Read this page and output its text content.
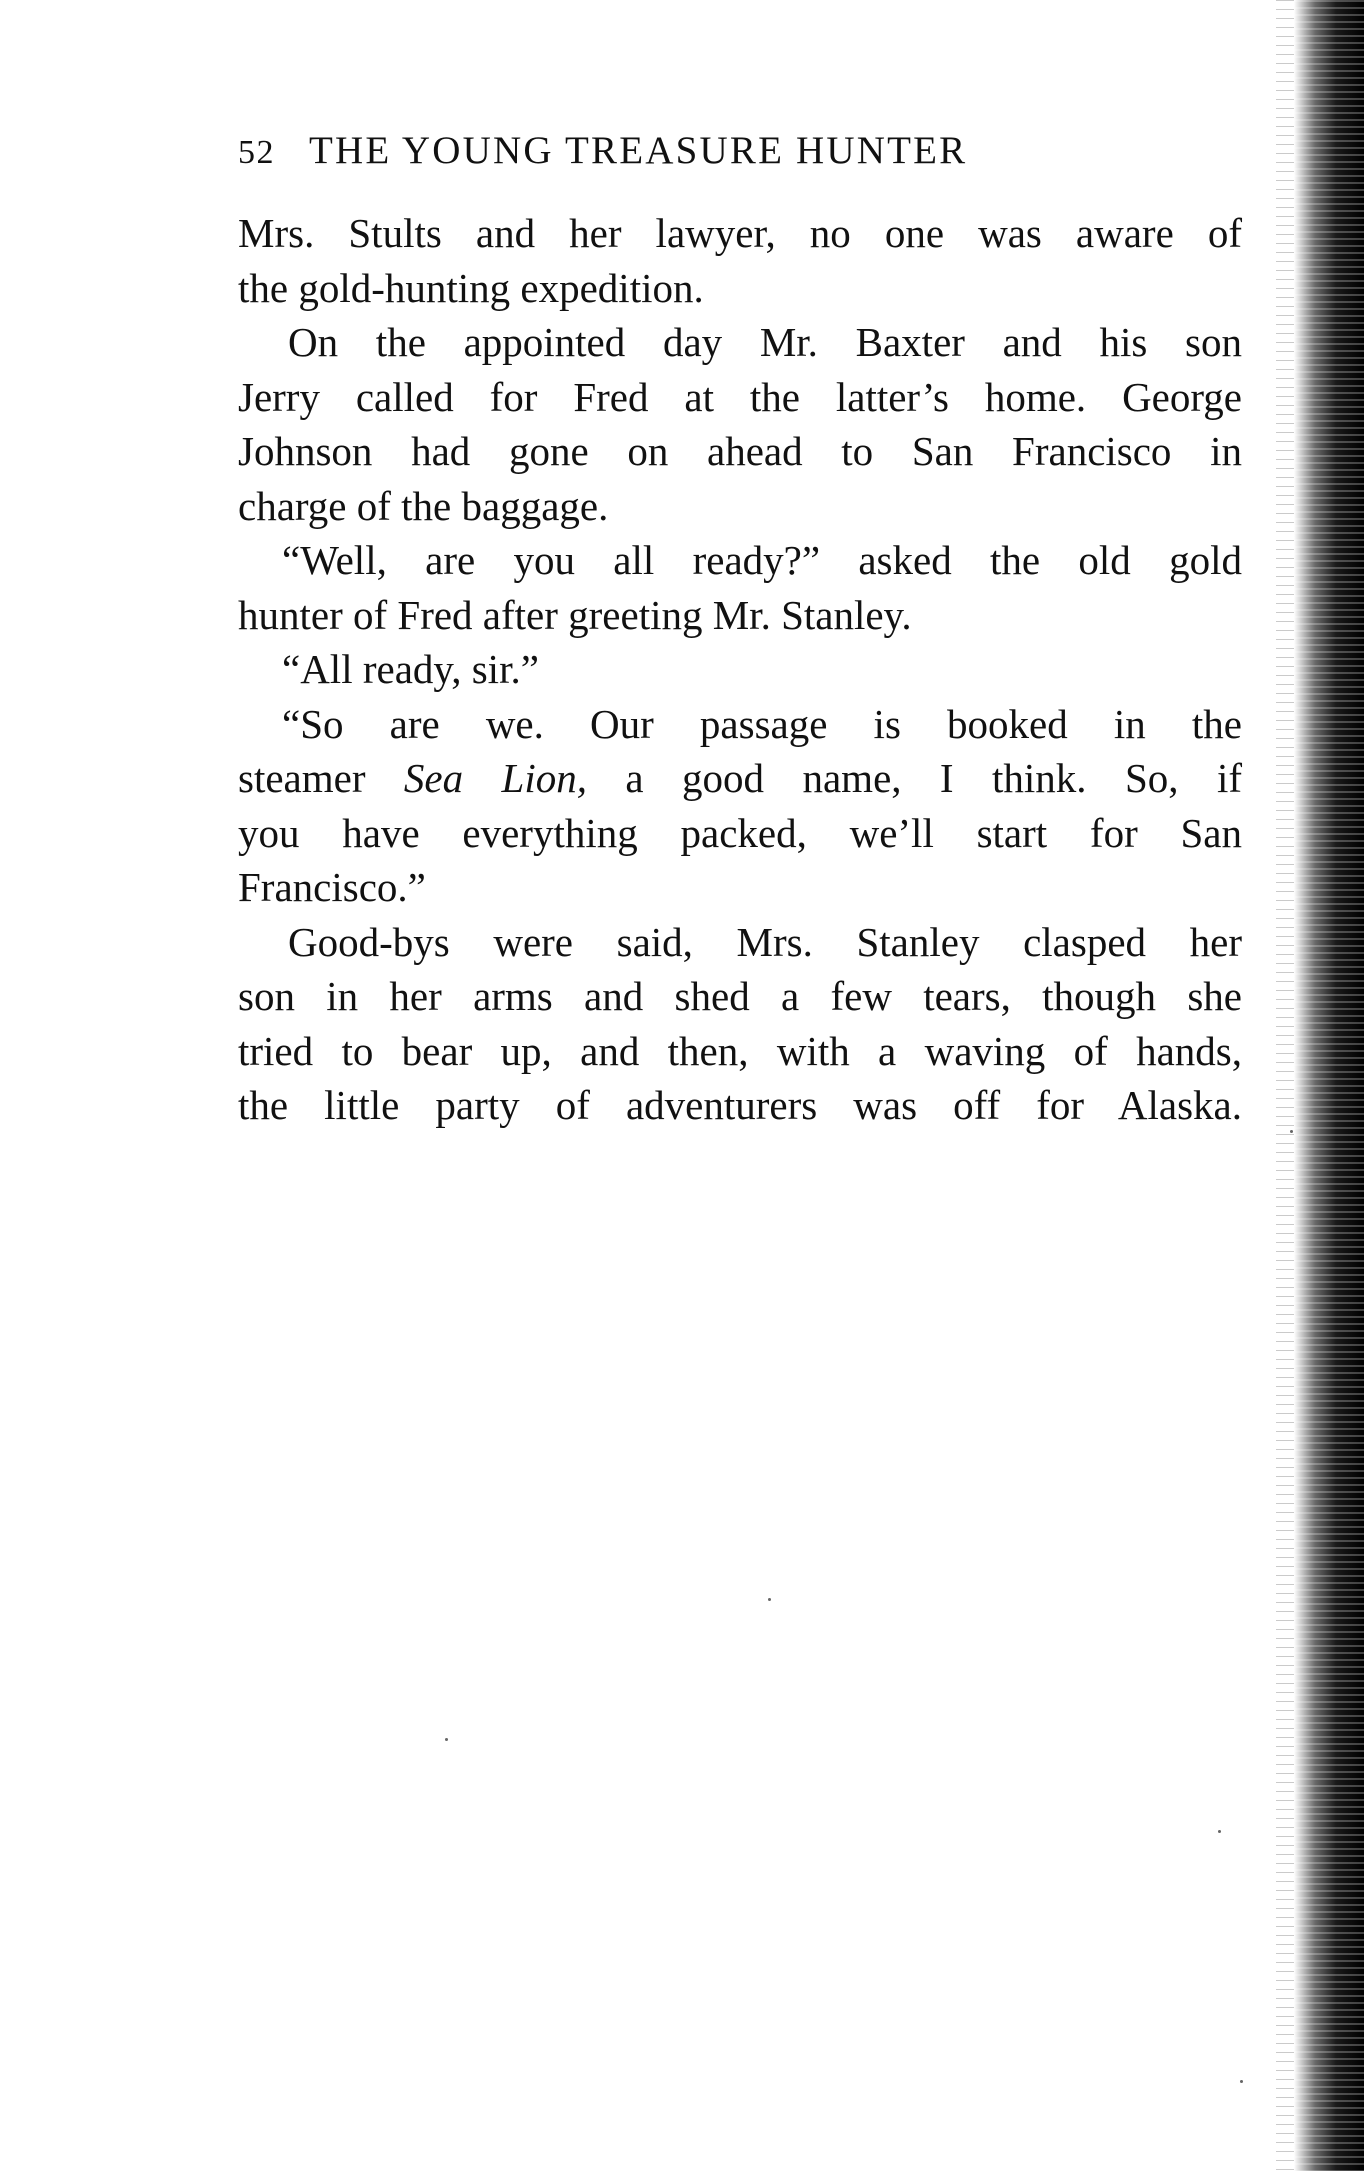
52 THE YOUNG TREASURE HUNTER
Mrs. Stults and her lawyer, no one was aware of
the gold-hunting expedition.
On the appointed day Mr. Baxter and his son
Jerry called for Fred at the latter’s home. George
Johnson had gone on ahead to San Francisco in
charge of the baggage.
“Well, are you all ready?” asked the old gold
hunter of Fred after greeting Mr. Stanley.
“All ready, sir.”
“So are we. Our passage is booked in the
steamer Sea Lion, a good name, I think. So, if
you have everything packed, we’ll start for San
Francisco.”
Good-bys were said, Mrs. Stanley clasped her
son in her arms and shed a few tears, though she
tried to bear up, and then, with a waving of hands,
the little party of adventurers was off for Alaska.
